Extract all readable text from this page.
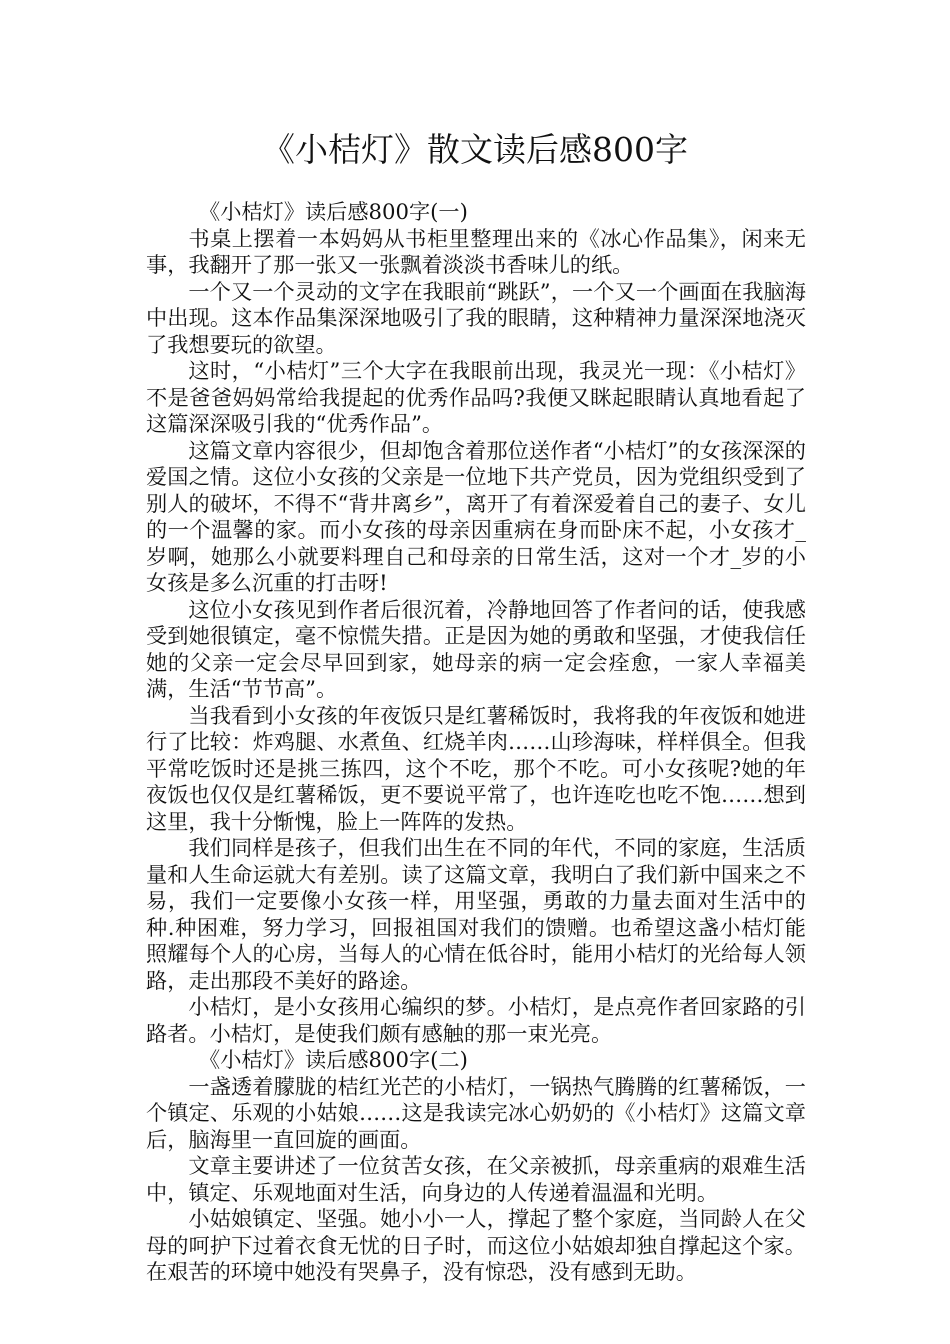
《小桔灯》散文读后感800字

《小桔灯》读后感800字(一)

书桌上摆着一本妈妈从书柜里整理出来的《冰心作品集》，闲来无事，我翻开了那一张又一张飘着淡淡书香味儿的纸。

一个又一个灵动的文字在我眼前“跳跃”，一个又一个画面在我脑海中出现。这本作品集深深地吸引了我的眼睛，这种精神力量深深地浇灭了我想要玩的欲望。

这时，“小桔灯”三个大字在我眼前出现，我灵光一现：《小桔灯》不是爸爸妈妈常给我提起的优秀作品吗?我便又眯起眼睛认真地看起了这篇深深吸引我的“优秀作品”。

这篇文章内容很少，但却饱含着那位送作者“小桔灯”的女孩深深的爱国之情。这位小女孩的父亲是一位地下共产党员，因为党组织受到了别人的破坏，不得不“背井离乡”，离开了有着深爱着自己的妻子、女儿的一个温馨的家。而小女孩的母亲因重病在身而卧床不起，小女孩才_岁啊，她那么小就要料理自己和母亲的日常生活，这对一个才_岁的小女孩是多么沉重的打击呀!

这位小女孩见到作者后很沉着，冷静地回答了作者问的话，使我感受到她很镇定，毫不惊慌失措。正是因为她的勇敢和坚强，才使我信任她的父亲一定会尽早回到家，她母亲的病一定会痊愈，一家人幸福美满，生活“节节高”。

当我看到小女孩的年夜饭只是红薯稀饭时，我将我的年夜饭和她进行了比较：炸鸡腿、水煮鱼、红烧羊肉……山珍海味，样样俱全。但我平常吃饭时还是挑三拣四，这个不吃，那个不吃。可小女孩呢?她的年夜饭也仅仅是红薯稀饭，更不要说平常了，也许连吃也吃不饱……想到这里，我十分惭愧，脸上一阵阵的发热。

我们同样是孩子，但我们出生在不同的年代，不同的家庭，生活质量和人生命运就大有差别。读了这篇文章，我明白了我们新中国来之不易，我们一定要像小女孩一样，用坚强，勇敢的力量去面对生活中的种.种困难，努力学习，回报祖国对我们的馈赠。也希望这盏小桔灯能照耀每个人的心房，当每人的心情在低谷时，能用小桔灯的光给每人领路，走出那段不美好的路途。

小桔灯，是小女孩用心编织的梦。小桔灯，是点亮作者回家路的引路者。小桔灯，是使我们颇有感触的那一束光亮。

《小桔灯》读后感800字(二)

一盏透着朦胧的桔红光芒的小桔灯，一锅热气腾腾的红薯稀饭，一个镇定、乐观的小姑娘……这是我读完冰心奶奶的《小桔灯》这篇文章后，脑海里一直回旋的画面。

文章主要讲述了一位贫苦女孩，在父亲被抓，母亲重病的艰难生活中，镇定、乐观地面对生活，向身边的人传递着温温和光明。

小姑娘镇定、坚强。她小小一人，撑起了整个家庭，当同龄人在父母的呵护下过着衣食无忧的日子时，而这位小姑娘却独自撑起这个家。在艰苦的环境中她没有哭鼻子，没有惊恐，没有感到无助。
